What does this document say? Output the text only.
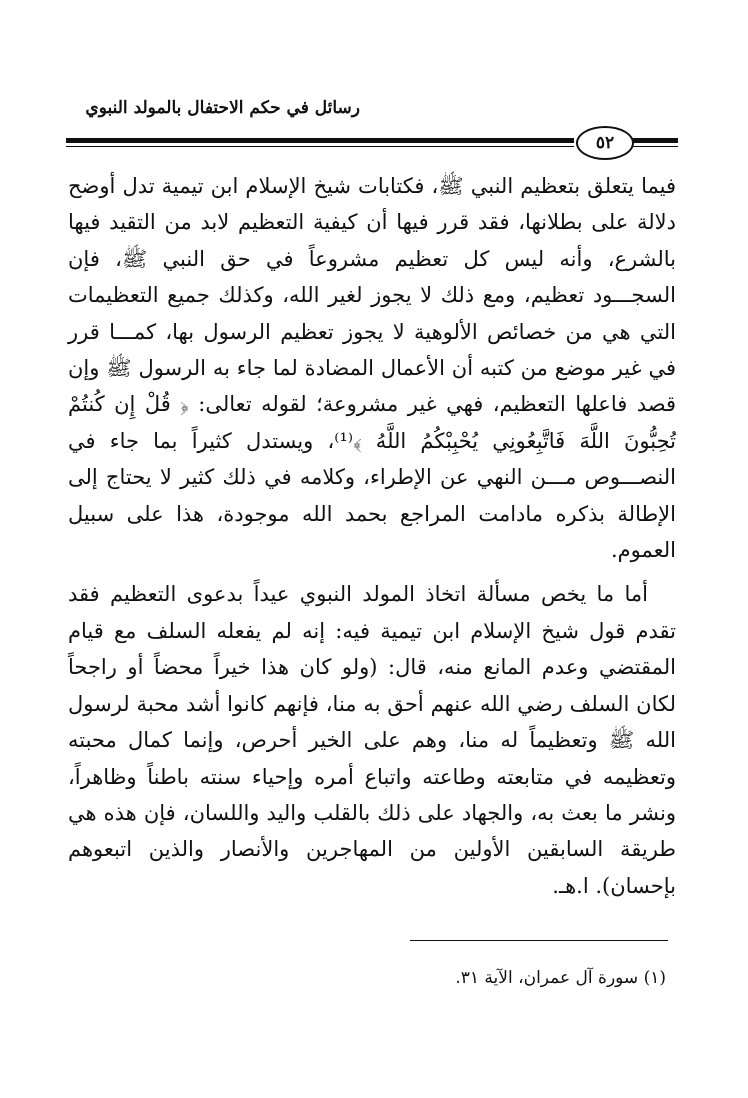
رسائل في حكم الاحتفال بالمولد النبوي
٥٢

فيما يتعلق بتعظيم النبي ﷺ، فكتابات شيخ الإسلام ابن تيمية تدل أوضح دلالة على بطلانها، فقد قرر فيها أن كيفية التعظيم لابد من التقيد فيها بالشرع، وأنه ليس كل تعظيم مشروعاً في حق النبي ﷺ، فإن السجـــود تعظيم، ومع ذلك لا يجوز لغير الله، وكذلك جميع التعظيمات التي هي من خصائص الألوهية لا يجوز تعظيم الرسول بها، كمـــا قرر في غير موضع من كتبه أن الأعمال المضادة لما جاء به الرسول ﷺ وإن قصد فاعلها التعظيم، فهي غير مشروعة؛ لقوله تعالى: ﴿ قُلْ إِن كُنتُمْ تُحِبُّونَ اللَّهَ فَاتَّبِعُونِي يُحْبِبْكُمُ اللَّهُ ﴾⁽¹⁾، ويستدل كثيراً بما جاء في النصـــوص مـــن النهي عن الإطراء، وكلامه في ذلك كثير لا يحتاج إلى الإطالة بذكره مادامت المراجع بحمد الله موجودة، هذا على سبيل العموم.

أما ما يخص مسألة اتخاذ المولد النبوي عيداً بدعوى التعظيم فقد تقدم قول شيخ الإسلام ابن تيمية فيه: إنه لم يفعله السلف مع قيام المقتضي وعدم المانع منه، قال: (ولو كان هذا خيراً محضاً أو راجحاً لكان السلف رضي الله عنهم أحق به منا، فإنهم كانوا أشد محبة لرسول الله ﷺ وتعظيماً له منا، وهم على الخير أحرص، وإنما كمال محبته وتعظيمه في متابعته وطاعته واتباع أمره وإحياء سنته باطناً وظاهراً، ونشر ما بعث به، والجهاد على ذلك بالقلب واليد واللسان، فإن هذه هي طريقة السابقين الأولين من المهاجرين والأنصار والذين اتبعوهم بإحسان). ا.هـ.

(١) سورة آل عمران، الآية ٣١.
